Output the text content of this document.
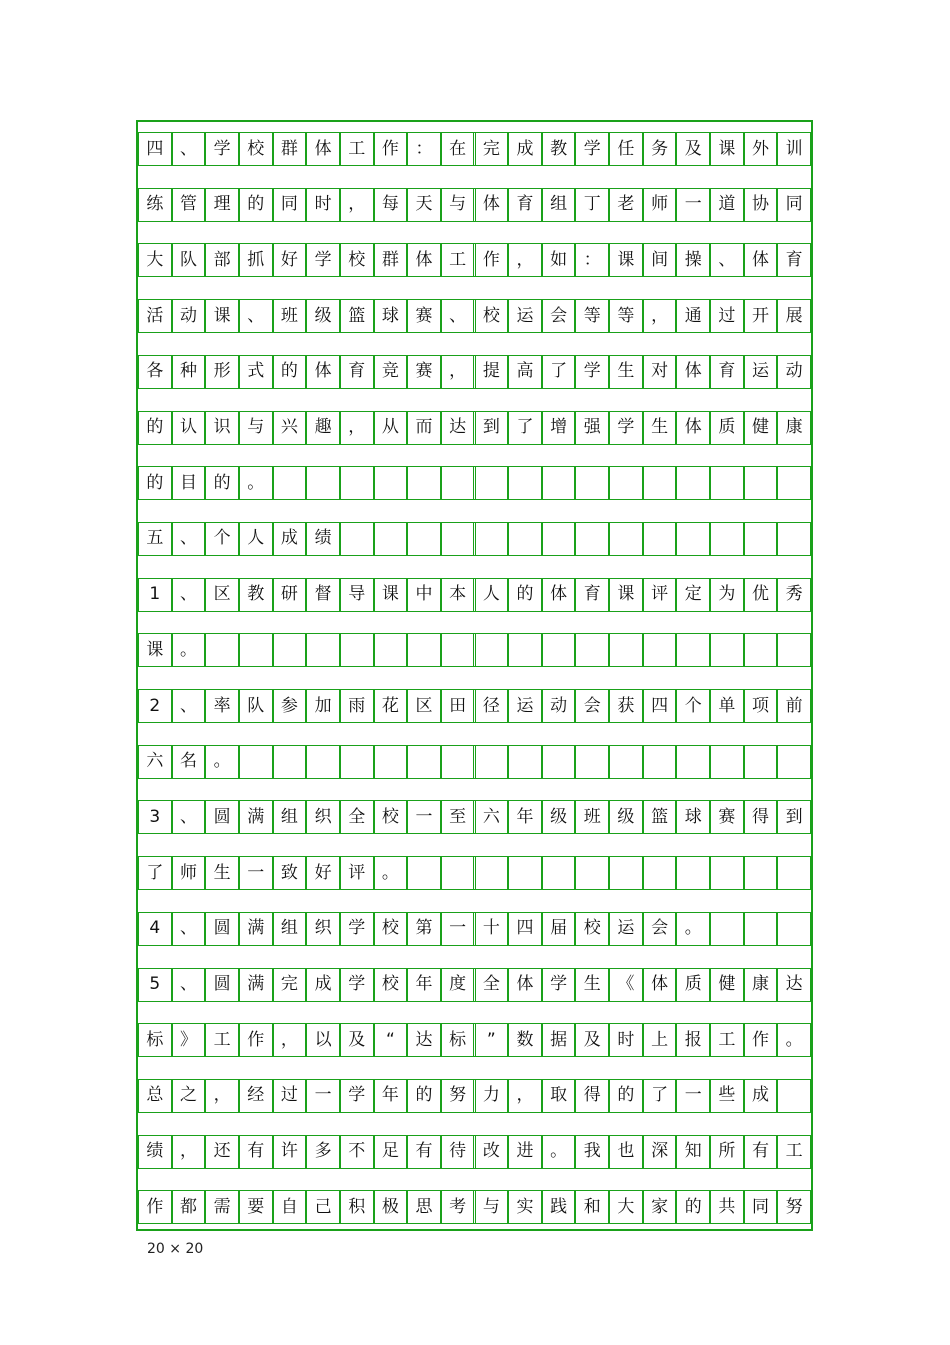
四 、 学 校 群 体 工 作 ： 在 完 成 教 学 任 务 及 课 外 训
练 管 理 的 同 时 ， 每 天 与 体 育 组 丁 老 师 一 道 协 同
大 队 部 抓 好 学 校 群 体 工 作 ， 如 ： 课 间 操 、 体 育
活 动 课 、 班 级 篮 球 赛 、 校 运 会 等 等 ， 通 过 开 展
各 种 形 式 的 体 育 竞 赛 ， 提 高 了 学 生 对 体 育 运 动
的 认 识 与 兴 趣 ， 从 而 达 到 了 增 强 学 生 体 质 健 康
的 目 的 。
五 、 个 人 成 绩
1	、 区 教 研 督 导 课 中 本 人 的 体 育 课 评 定 为 优 秀
课 。
2	、 率 队 参 加 雨 花 区 田 径 运 动 会 获 四 个 单 项 前
六 名 。
3	、 圆 满 组 织 全 校 一 至 六 年 级 班 级 篮 球 赛 得 到
了 师 生 一 致 好 评 。
4	、 圆 满 组 织 学 校 第 一 十 四 届 校 运 会 。
5	、 圆 满 完 成 学 校 年 度 全 体 学 生 《 体 质 健 康 达
标 》 工 作 ， 以 及	“	达 标	”	数 据 及 时 上 报 工 作 。
总 之 ， 经 过 一 学 年 的 努 力 ， 取 得 的 了 一 些 成
绩 ， 还 有 许 多 不 足 有 待 改 进 。 我 也 深 知 所 有 工
作 都 需 要 自 己 积 极 思 考 与 实 践 和 大 家 的 共 同 努
20 × 20
